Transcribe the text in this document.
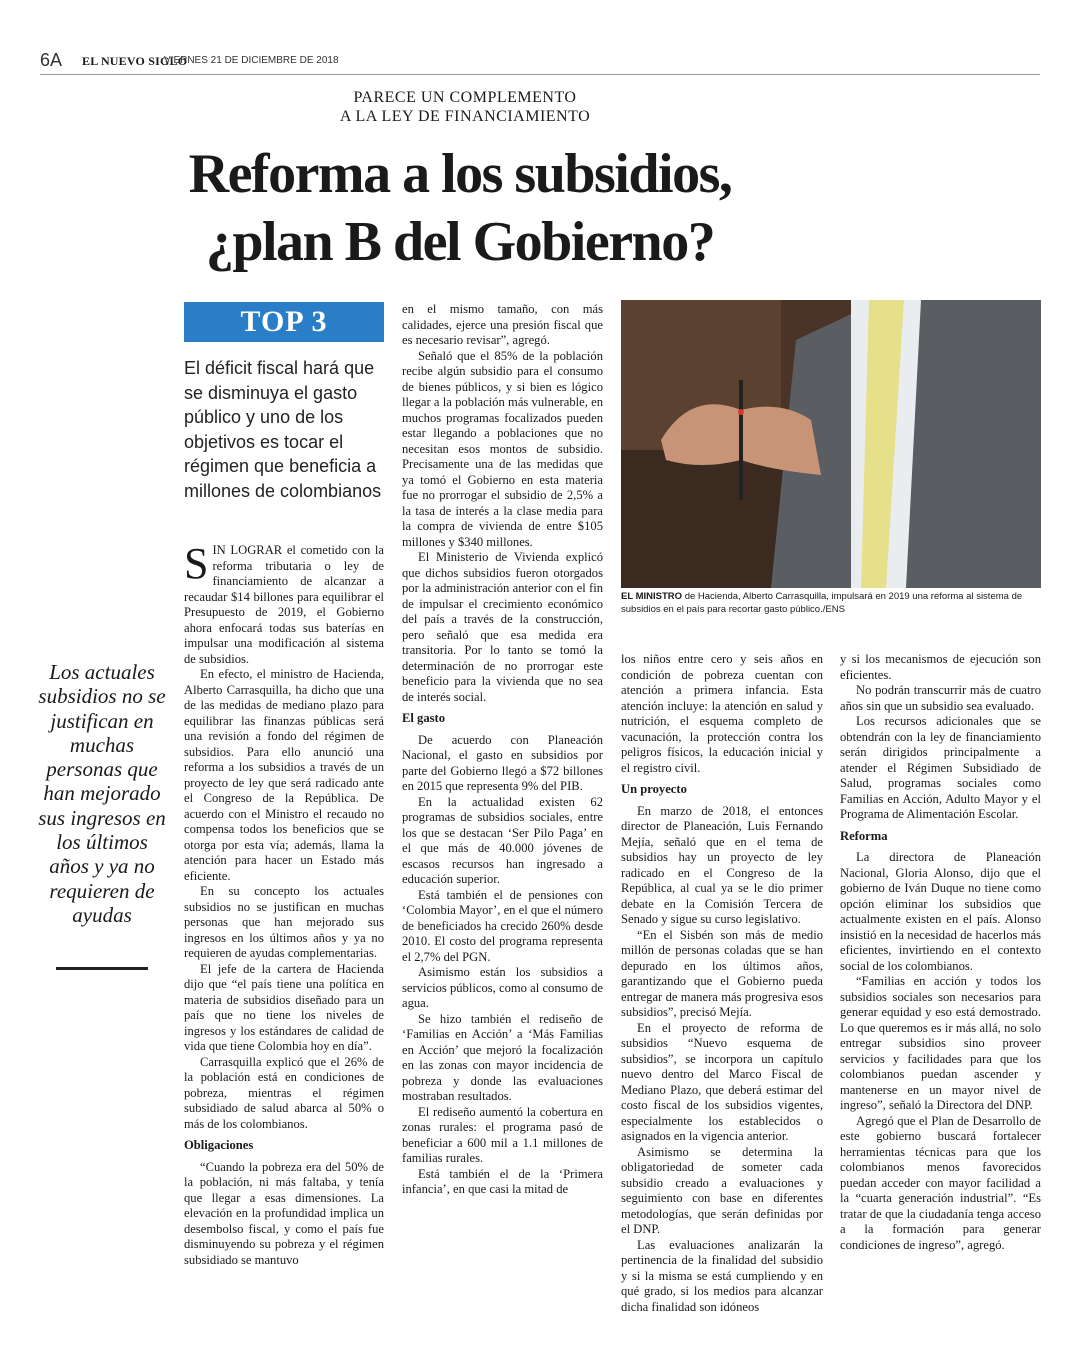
6A EL NUEVO SIGLO
VIERNES 21 DE DICIEMBRE DE 2018
PARECE UN COMPLEMENTO
A LA LEY DE FINANCIAMIENTO
Reforma a los subsidios,
¿plan B del Gobierno?
EL MINISTRO de Hacienda, Alberto Carrasquilla, impulsará en 2019 una reforma al sistema de subsidios en el país para recortar gasto público./ENS
TOP 3
El déficit fiscal hará que se disminuya el gasto público y uno de los objetivos es tocar el régimen que beneficia a millones de colombianos
Los actuales subsidios no se justifican en muchas personas que han mejorado sus ingresos en los últimos años y ya no requieren de ayudas

SIN LOGRAR el cometido con la reforma tributaria o ley de financiamiento de alcanzar a recaudar $14 billones para equilibrar el Presupuesto de 2019, el Gobierno ahora enfocará todas sus baterías en impulsar una modificación al sistema de subsidios.

En efecto, el ministro de Hacienda, Alberto Carrasquilla, ha dicho que una de las medidas de mediano plazo para equilibrar las finanzas públicas será una revisión a fondo del régimen de subsidios. Para ello anunció una reforma a los subsidios a través de un proyecto de ley que será radicado ante el Congreso de la República. De acuerdo con el Ministro el recaudo no compensa todos los beneficios que se otorga por esta vía; además, llama la atención para hacer un Estado más eficiente.

En su concepto los actuales subsidios no se justifican en muchas personas que han mejorado sus ingresos en los últimos años y ya no requieren de ayudas complementarias.

El jefe de la cartera de Hacienda dijo que “el país tiene una política en materia de subsidios diseñado para un país que no tiene los niveles de ingresos y los estándares de calidad de vida que tiene Colombia hoy en día”.

Carrasquilla explicó que el 26% de la población está en condiciones de pobreza, mientras el régimen subsidiado de salud abarca al 50% o más de los colombianos.

Obligaciones

“Cuando la pobreza era del 50% de la población, ni más faltaba, y tenía que llegar a esas dimensiones. La elevación en la profundidad implica un desembolso fiscal, y como el país fue disminuyendo su pobreza y el régimen subsidiado se mantuvo

en el mismo tamaño, con más calidades, ejerce una presión fiscal que es necesario revisar”, agregó.

Señaló que el 85% de la población recibe algún subsidio para el consumo de bienes públicos, y si bien es lógico llegar a la población más vulnerable, en muchos programas focalizados pueden estar llegando a poblaciones que no necesitan esos montos de subsidio. Precisamente una de las medidas que ya tomó el Gobierno en esta materia fue no prorrogar el subsidio de 2,5% a la tasa de interés a la clase media para la compra de vivienda de entre $105 millones y $340 millones.

El Ministerio de Vivienda explicó que dichos subsidios fueron otorgados por la administración anterior con el fin de impulsar el crecimiento económico del país a través de la construcción, pero señaló que esa medida era transitoria. Por lo tanto se tomó la determinación de no prorrogar este beneficio para la vivienda que no sea de interés social.

El gasto

De acuerdo con Planeación Nacional, el gasto en subsidios por parte del Gobierno llegó a $72 billones en 2015 que representa 9% del PIB.

En la actualidad existen 62 programas de subsidios sociales, entre los que se destacan ‘Ser Pilo Paga’ en el que más de 40.000 jóvenes de escasos recursos han ingresado a educación superior.

Está también el de pensiones con ‘Colombia Mayor’, en el que el número de beneficiados ha crecido 260% desde 2010. El costo del programa representa el 2,7% del PGN.

Asimismo están los subsidios a servicios públicos, como al consumo de agua.

Se hizo también el rediseño de ‘Familias en Acción’ a ‘Más Familias en Acción’ que mejoró la focalización en las zonas con mayor incidencia de pobreza y donde las evaluaciones mostraban resultados.

El rediseño aumentó la cobertura en zonas rurales: el programa pasó de beneficiar a 600 mil a 1.1 millones de familias rurales.

Está también el de la ‘Primera infancia’, en que casi la mitad de

los niños entre cero y seis años en condición de pobreza cuentan con atención a primera infancia. Esta atención incluye: la atención en salud y nutrición, el esquema completo de vacunación, la protección contra los peligros físicos, la educación inicial y el registro civil.

Un proyecto

En marzo de 2018, el entonces director de Planeación, Luis Fernando Mejía, señaló que en el tema de subsidios hay un proyecto de ley radicado en el Congreso de la República, al cual ya se le dio primer debate en la Comisión Tercera de Senado y sigue su curso legislativo.

“En el Sisbén son más de medio millón de personas coladas que se han depurado en los últimos años, garantizando que el Gobierno pueda entregar de manera más progresiva esos subsidios”, precisó Mejía.

En el proyecto de reforma de subsidios “Nuevo esquema de subsidios”, se incorpora un capítulo nuevo dentro del Marco Fiscal de Mediano Plazo, que deberá estimar del costo fiscal de los subsidios vigentes, especialmente los establecidos o asignados en la vigencia anterior.

Asimismo se determina la obligatoriedad de someter cada subsidio creado a evaluaciones y seguimiento con base en diferentes metodologías, que serán definidas por el DNP.

Las evaluaciones analizarán la pertinencia de la finalidad del subsidio y si la misma se está cumpliendo y en qué grado, si los medios para alcanzar dicha finalidad son idóneos

y si los mecanismos de ejecución son eficientes.

No podrán transcurrir más de cuatro años sin que un subsidio sea evaluado.

Los recursos adicionales que se obtendrán con la ley de financiamiento serán dirigidos principalmente a atender el Régimen Subsidiado de Salud, programas sociales como Familias en Acción, Adulto Mayor y el Programa de Alimentación Escolar.

Reforma

La directora de Planeación Nacional, Gloria Alonso, dijo que el gobierno de Iván Duque no tiene como opción eliminar los subsidios que actualmente existen en el país. Alonso insistió en la necesidad de hacerlos más eficientes, invirtiendo en el contexto social de los colombianos.

“Familias en acción y todos los subsidios sociales son necesarios para generar equidad y eso está demostrado. Lo que queremos es ir más allá, no solo entregar subsidios sino proveer servicios y facilidades para que los colombianos puedan ascender y mantenerse en un mayor nivel de ingreso”, señaló la Directora del DNP.

Agregó que el Plan de Desarrollo de este gobierno buscará fortalecer herramientas técnicas para que los colombianos menos favorecidos puedan acceder con mayor facilidad a la “cuarta generación industrial”. “Es tratar de que la ciudadanía tenga acceso a la formación para generar condiciones de ingreso”, agregó.
